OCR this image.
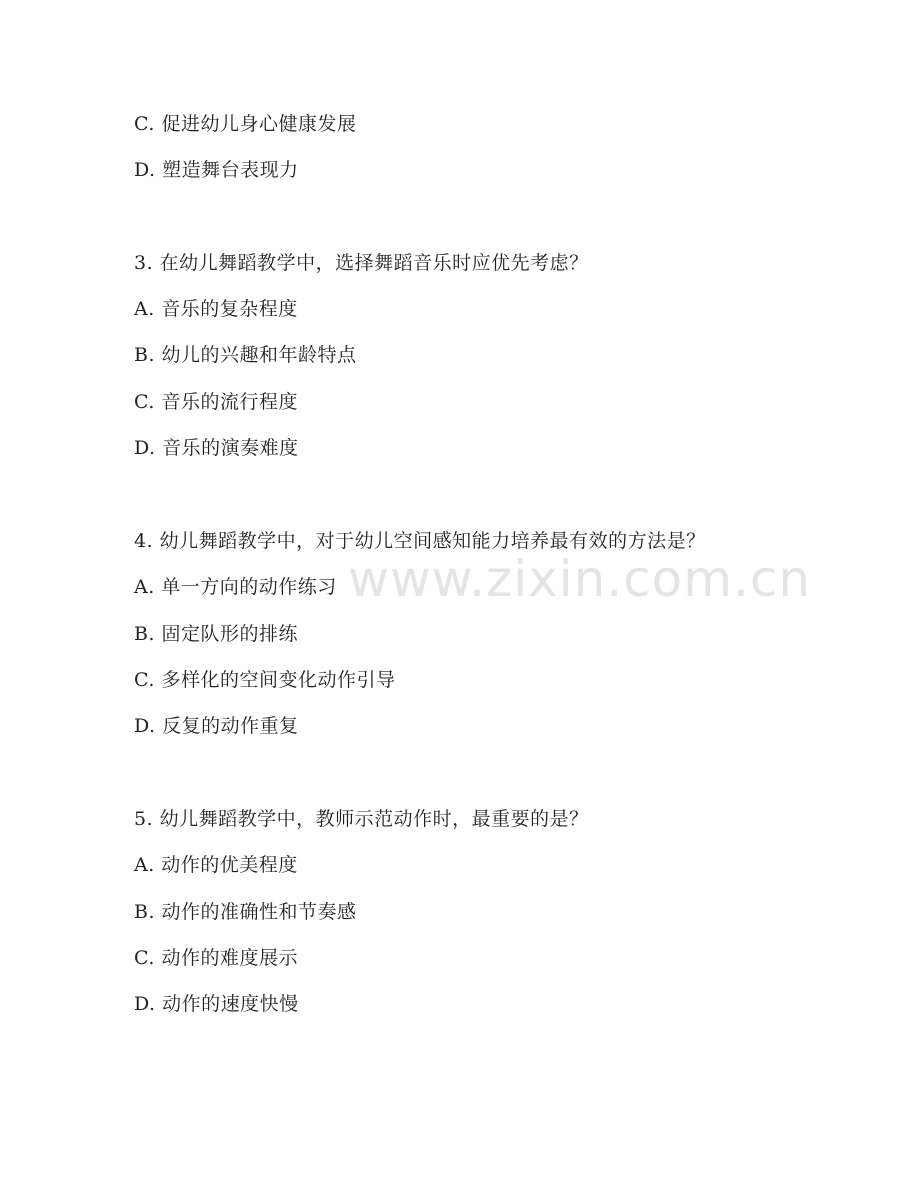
www.zixin.com.cn
C. 促进幼儿身心健康发展
D. 塑造舞台表现力
3. 在幼儿舞蹈教学中，选择舞蹈音乐时应优先考虑？
A. 音乐的复杂程度
B. 幼儿的兴趣和年龄特点
C. 音乐的流行程度
D. 音乐的演奏难度
4. 幼儿舞蹈教学中，对于幼儿空间感知能力培养最有效的方法是？
A. 单一方向的动作练习
B. 固定队形的排练
C. 多样化的空间变化动作引导
D. 反复的动作重复
5. 幼儿舞蹈教学中，教师示范动作时，最重要的是？
A. 动作的优美程度
B. 动作的准确性和节奏感
C. 动作的难度展示
D. 动作的速度快慢
